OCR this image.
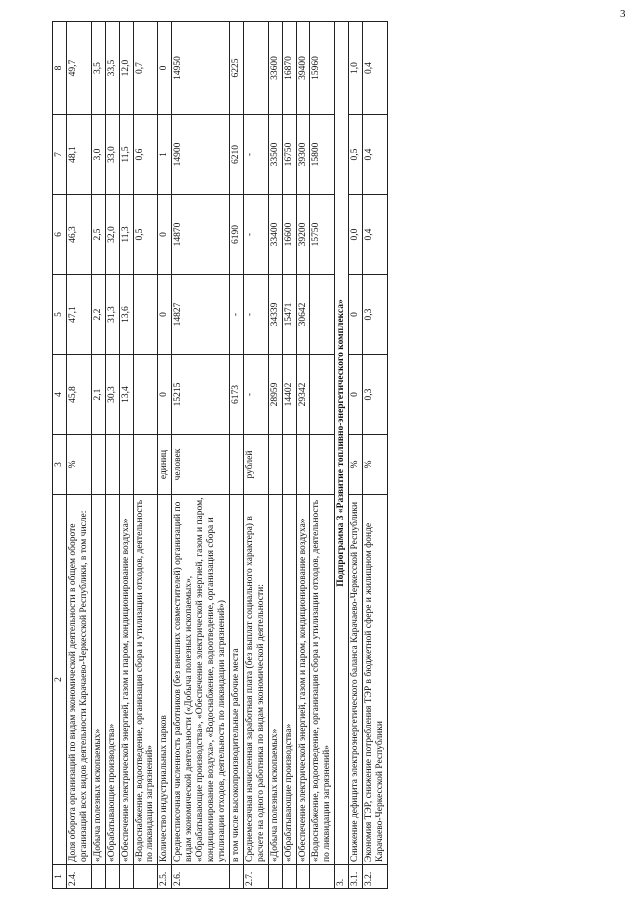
3
1	2	3	4	5	6	7	8
2.4.	Доля оборота организаций по видам экономической деятельности в общем обороте организаций всех видов деятельности Карачаево-Черкесской Республики, в том числе:	%	45,8	47,1	46,3	48,1	49,7
	«Добыча полезных ископаемых»		2,1	2,2	2,5	3,0	3,5
	«Обрабатывающие производства»		30,3	31,3	32,0	33,0	33,5
	«Обеспечение электрической энергией, газом и паром, кондиционирование воздуха»		13,4	13,6	11,3	11,5	12,0
	«Водоснабжение, водоотведение, организация сбора и утилизации отходов, деятельность по ликвидации загрязнений»				0,5	0,6	0,7
2.5.	Количество индустриальных парков	единиц	0	0	0	1	0
2.6.	Среднесписочная численность работников (без внешних совместителей) организаций по видам экономической деятельности («Добыча полезных ископаемых», «Обрабатывающие производства», «Обеспечение электрической энергией, газом и паром, кондиционирование воздуха», «Водоснабжение, водоотведение, организация сбора и утилизации отходов, деятельность по ликвидации загрязнений»)	человек	15215	14827	14870	14900	14950
	в том числе высокопроизводительные рабочие места		6173	-	6190	6210	6225
2.7.	Среднемесячная начисленная заработная плата (без выплат социального характера) в расчете на одного работника по видам экономической деятельности:	рублей	-	-	-	-	
	«Добыча полезных ископаемых»		28959	34339	33400	33500	33600
	«Обрабатывающие производства»		14402	15471	16600	16750	16870
	«Обеспечение электрической энергией, газом и паром, кондиционирование воздуха»		29342	30642	39200	39300	39400
	«Водоснабжение, водоотведение, организация сбора и утилизации отходов, деятельность по ликвидации загрязнений»				15750	15800	15960
3.	Подпрограмма 3 «Развитие топливно-энергетического комплекса»						
3.1.	Снижение дефицита электроэнергетического баланса Карачаево-Черкесской Республики	%	0	0	0,0	0,5	1,0
3.2.	Экономия ТЭР, снижение потребления ТЭР в бюджетной сфере и жилищном фонде Карачаево-Черкесской Республики	%	0,3	0,3	0,4	0,4	0,4
